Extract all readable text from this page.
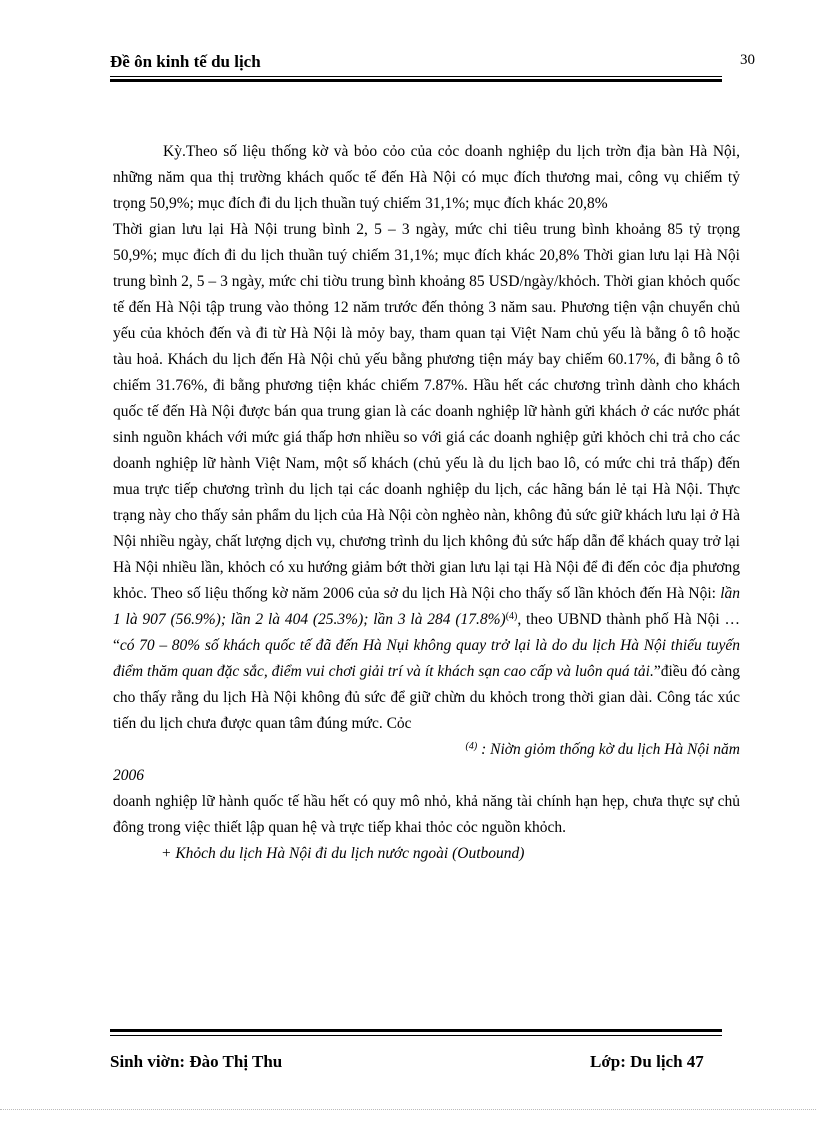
Đề ôn kinh tế du lịch	30

Kỳ.Theo số liệu thống kờ và bỏo cỏo của cỏc doanh nghiệp du lịch trờn địa bàn Hà Nội, những năm qua thị trường khách quốc tế đến Hà Nội có mục đích thương mai, công vụ chiếm tỷ trọng 50,9%; mục đích đi du lịch thuần tuý chiếm 31,1%; mục đích khác 20,8%

Thời gian lưu lại Hà Nội trung bình 2, 5 – 3 ngày, mức chi tiêu trung bình khoảng 85 tỷ trọng 50,9%; mục đích đi du lịch thuần tuý chiếm 31,1%; mục đích khác 20,8% Thời gian lưu lại Hà Nội trung bình 2, 5 – 3 ngày, mức chi tiờu trung bình khoảng 85 USD/ngày/khỏch. Thời gian khỏch quốc tế đến Hà Nội tập trung vào thỏng 12 năm trước đến thỏng 3 năm sau. Phương tiện vận chuyển chủ yếu của khỏch đến và đi từ Hà Nội là mỏy bay, tham quan tại Việt Nam chủ yếu là bằng ô tô hoặc tàu hoả. Khách du lịch đến Hà Nội chủ yếu bằng phương tiện máy bay chiếm 60.17%, đi bằng ô tô chiếm 31.76%, đi bằng phương tiện khác chiếm 7.87%. Hầu hết các chương trình dành cho khách quốc tế đến Hà Nội được bán qua trung gian là các doanh nghiệp lữ hành gửi khách ở các nước phát sinh nguồn khách với mức giá thấp hơn nhiều so với giá các doanh nghiệp gửi khỏch chi trả cho các doanh nghiệp lữ hành Việt Nam, một số khách (chủ yếu là du lịch bao lô, có mức chi trả thấp) đến mua trực tiếp chương trình du lịch tại các doanh nghiệp du lịch, các hãng bán lẻ tại Hà Nội. Thực trạng này cho thấy sản phẩm du lịch của Hà Nội còn nghèo nàn, không đủ sức giữ khách lưu lại ở Hà Nội nhiều ngày, chất lượng dịch vụ, chương trình du lịch không đủ sức hấp dẫn để khách quay trở lại Hà Nội nhiều lần, khỏch có xu hướng giảm bớt thời gian lưu lại tại Hà Nội để đi đến cỏc địa phương khỏc. Theo số liệu thống kờ năm 2006 của sở du lịch Hà Nội cho thấy số lần khỏch đến Hà Nội: lần 1 là 907 (56.9%); lần 2 là 404 (25.3%); lần 3 là 284 $(17.8\%)^{(4)}$, theo UBND thành phố Hà Nội … “có 70 – 80% số khách quốc tế đã đến Hà Nụi không quay trở lại là do du lịch Hà Nội thiếu tuyến điểm thăm quan đặc sắc, điểm vui chơi giải trí và ít khách sạn cao cấp và luôn quá tải.”điều đó càng cho thấy rằng du lịch Hà Nội không đủ sức để giữ chừn du khỏch trong thời gian dài. Công tác xúc tiến du lịch chưa được quan tâm đúng mức. Cỏc

$^{(4)}$ : Niờn giỏm thống kờ du lịch Hà Nội năm

2006

doanh nghiệp lữ hành quốc tế hầu hết có quy mô nhỏ, khả năng tài chính hạn hẹp, chưa thực sự chủ đông trong việc thiết lập quan hệ và trực tiếp khai thỏc cỏc nguồn khỏch.

+ Khỏch du lịch Hà Nội đi du lịch nước ngoài (Outbound)

Sinh viờn: Đào Thị Thu	Lớp: Du lịch 47
